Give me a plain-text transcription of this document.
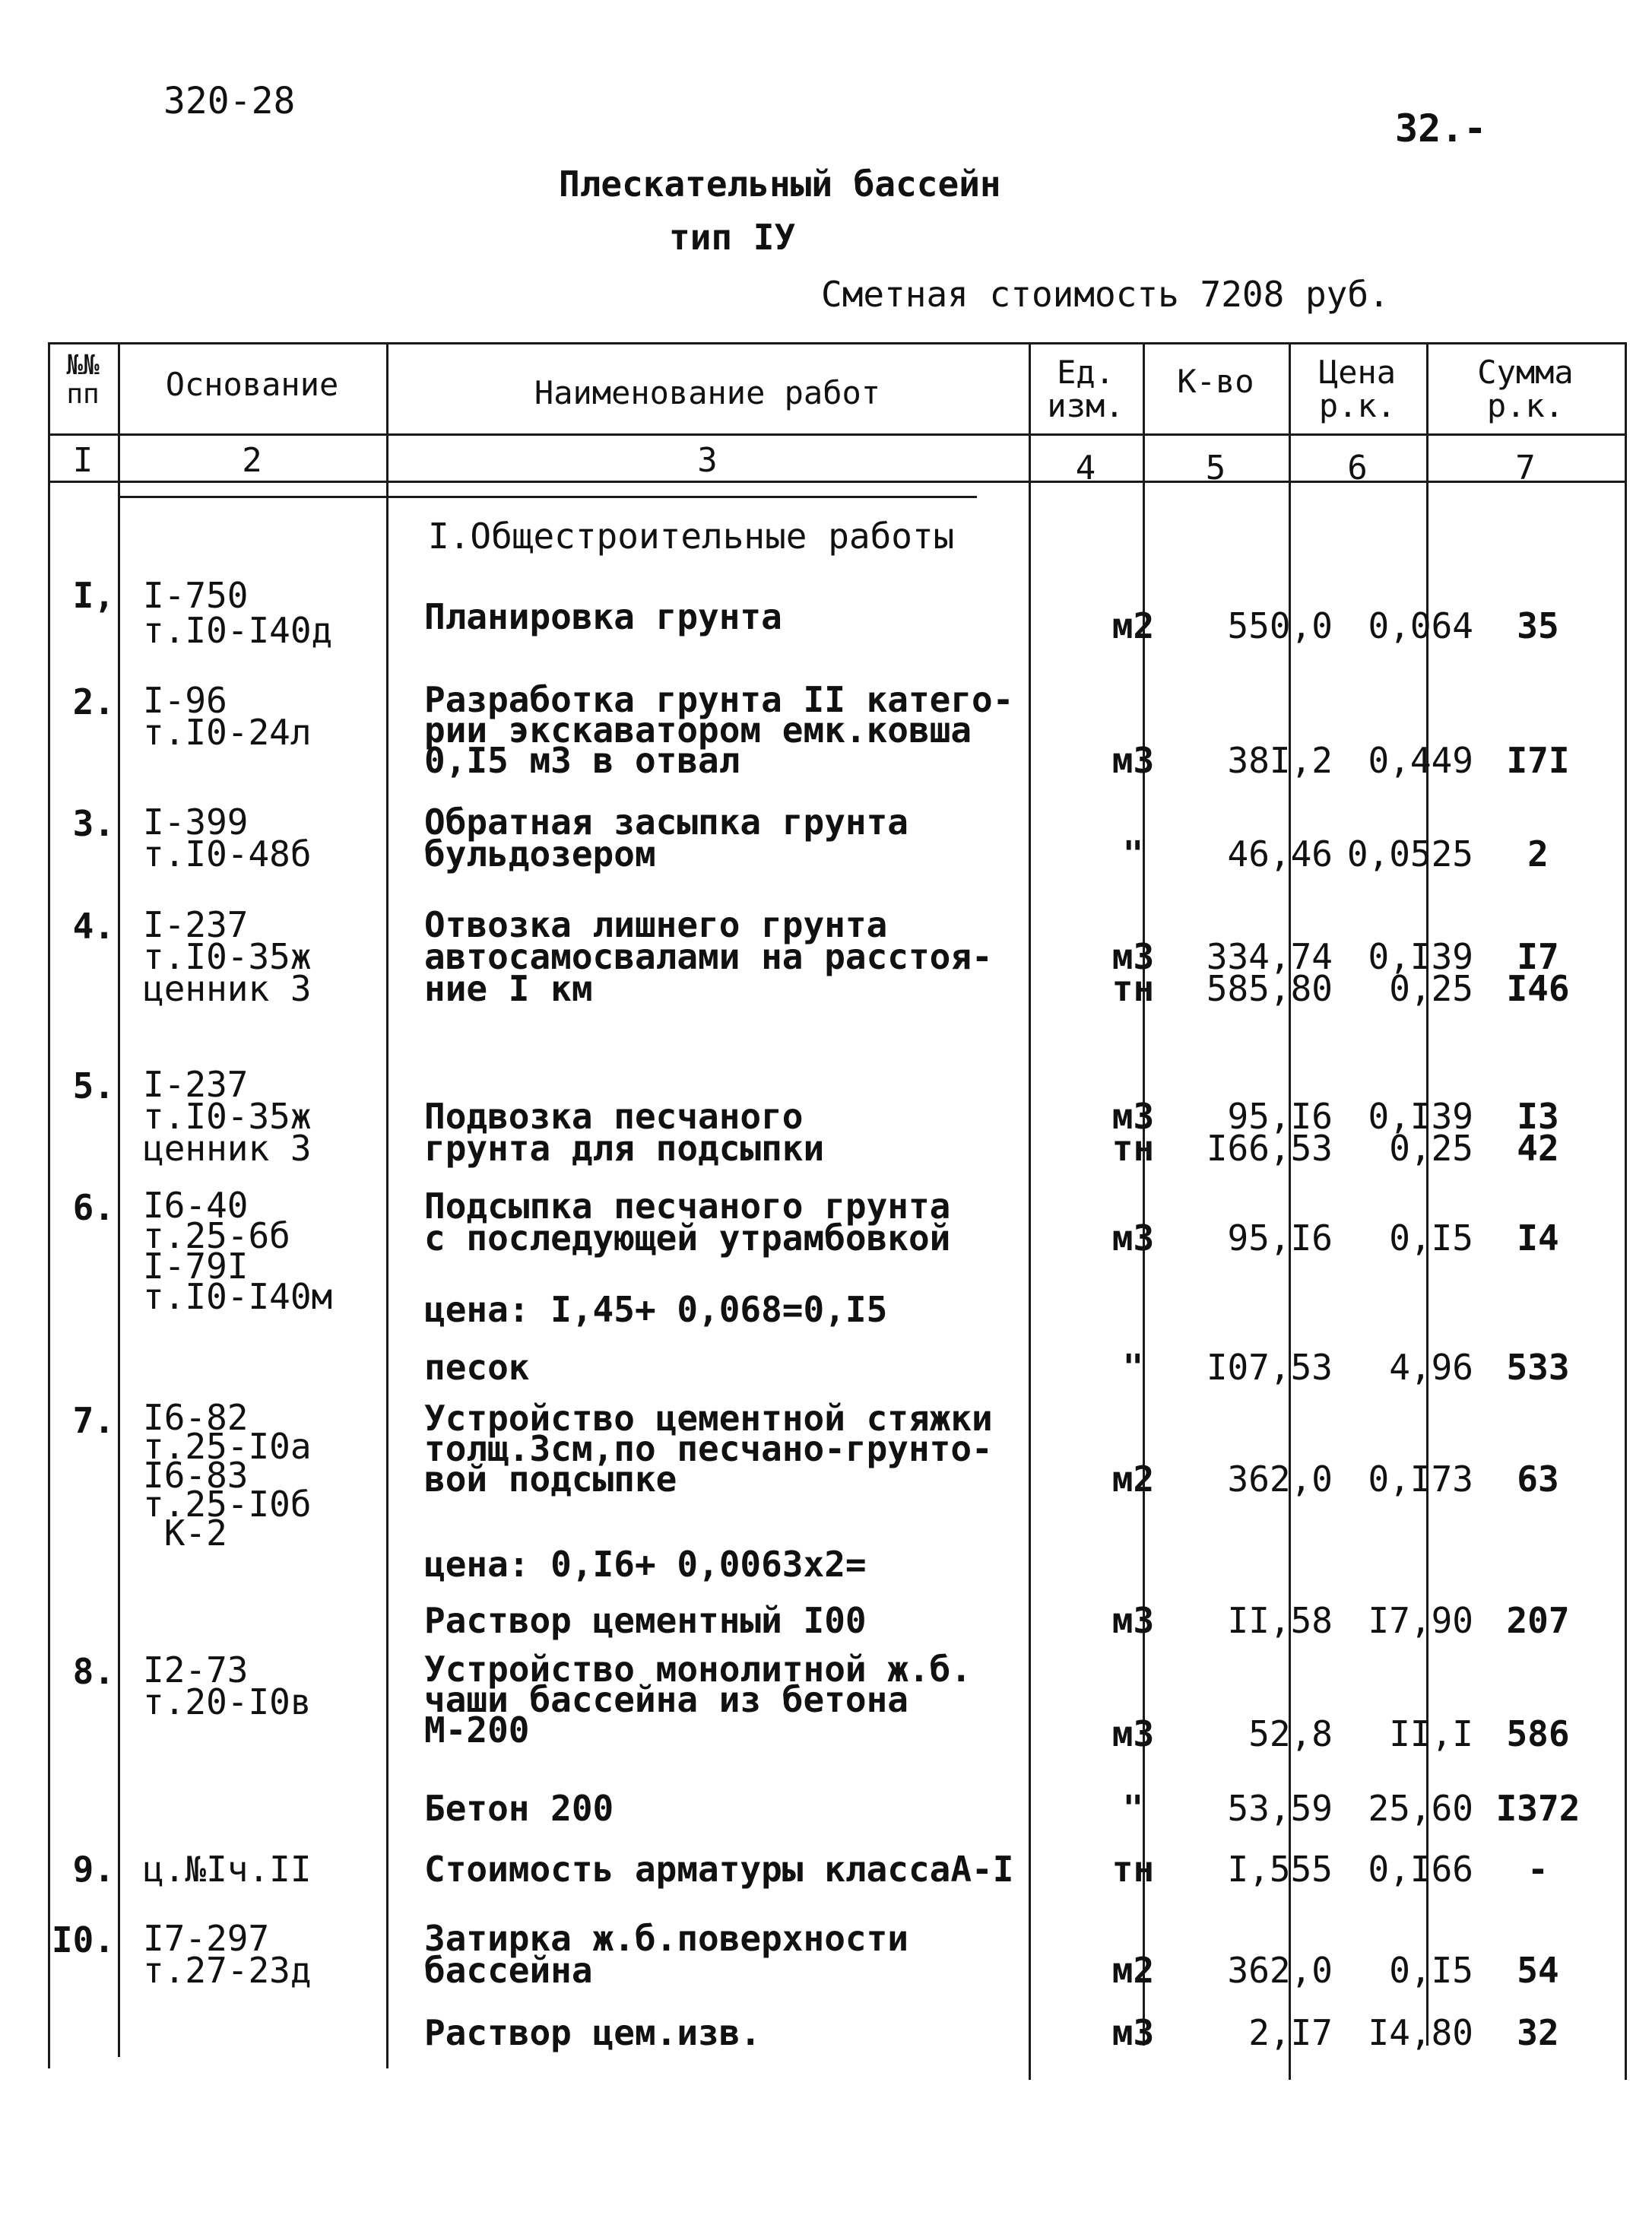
320-28
32.-
Плескательный бассейн
тип IУ
Сметная стоимость 7208 руб.
№№
пп	Основание	Наименование работ
Ед.
изм.
К-во	Цена
р.к.
Сумма
р.к.
I	2	3	4	5	6	7
I.Общестроительные работы
I, I-750
т.I0-I40д	
Планировка грунта	
м2	
550,0	
0,064	
35
2. I-96
т.I0-24л
Разработка грунта II катего-
рии экскаватором емк.ковша
0,I5 м3 в отвал	

м3	

38I,2	

0,449

I7I
3. I-399
т.I0-48б
Обратная засыпка грунта
бульдозером	
"	
46,46
0,0525	
2
4. I-237
т.I0-35ж
ценник 3
Отвозка лишнего грунта
автосамосвалами на расстоя-
ние I км

м3
тн

334,74
585,80

0,I39
0,25

I7
I46
5. I-237
т.I0-35ж
ценник 3

Подвозка песчаного
грунта для подсыпки

м3
тн

95,I6
I66,53

0,I39
0,25

I3
42
6. I6-40
т.25-6б
I-79I
т.I0-I40м
Подсыпка песчаного грунта
с последующей утрамбовкой	
м3	
95,I6	
0,I5	
I4
цена: I,45+ 0,068=0,I5
песок	"	I07,53	4,96 533
7. I6-82
т.25-I0а
I6-83
т.25-I0б
К-2
Устройство цементной стяжки
толщ.3см,по песчано-грунто-
вой подсыпке	

м2	

362,0	

0,I73	

63
цена: 0,I6+ 0,0063х2=
Раствор цементный I00	м3	II,58	I7,90 207
8. I2-73
т.20-I0в
Устройство монолитной ж.б.
чаши бассейна из бетона
М-200	

м3	

52,8	

II,I

586
Бетон 200	"	53,59	25,60 I372
9. ц.№Iч.II	Стоимость арматуры классаА-I	тн	I,555	0,I66	-
I0. I7-297
т.27-23д
Затирка ж.б.поверхности
бассейна	
м2	
362,0	
0,I5	
54
Раствор цем.изв.	м3	2,I7	I4,80	32
